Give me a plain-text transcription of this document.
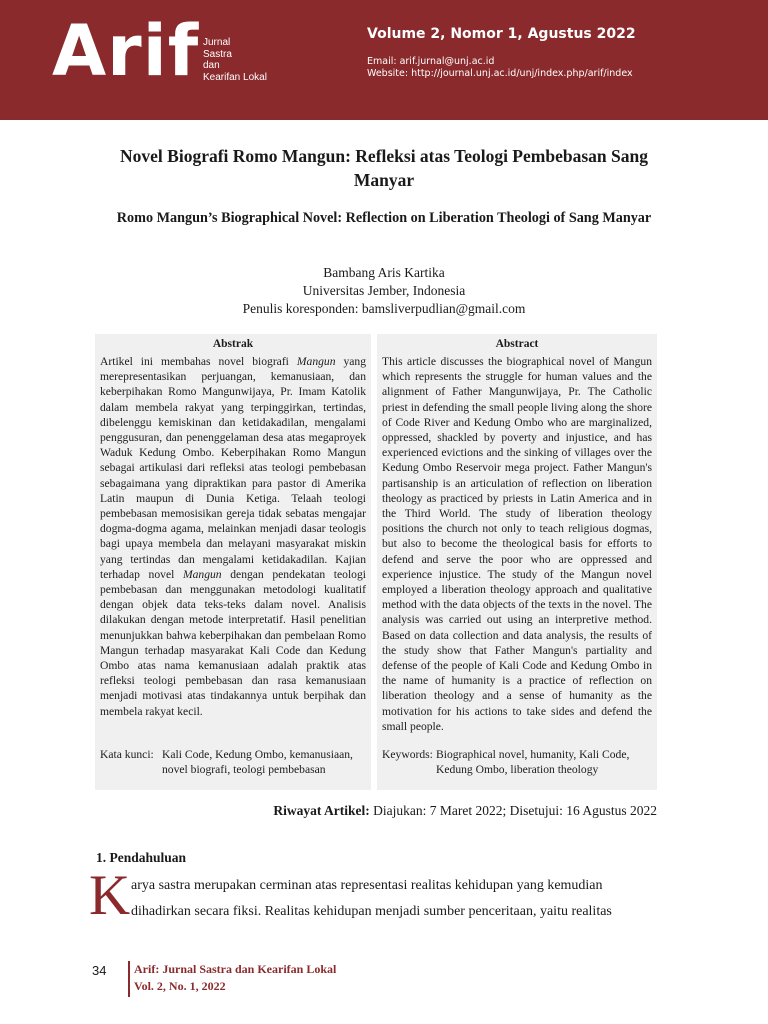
Arif Jurnal
Sastra
dan
Kearifan Lokal
Volume 2, Nomor 1, Agustus 2022
Email: arif.jurnal@unj.ac.id
Website: http://journal.unj.ac.id/unj/index.php/arif/index
Novel Biografi Romo Mangun: Refleksi atas Teologi Pembebasan Sang Manyar
Romo Mangun’s Biographical Novel: Reflection on Liberation Theologi of Sang Manyar
Bambang Aris Kartika
Universitas Jember, Indonesia
Penulis koresponden: bamsliverpudlian@gmail.com
Abstrak
Artikel ini membahas novel biografi Mangun yang merepresentasikan perjuangan, kemanusiaan, dan keberpihakan Romo Mangunwijaya, Pr. Imam Katolik dalam membela rakyat yang terpinggirkan, tertindas, dibelenggu kemiskinan dan ketidakadilan, mengalami penggusuran, dan penenggelaman desa atas megaproyek Waduk Kedung Ombo. Keberpihakan Romo Mangun sebagai artikulasi dari refleksi atas teologi pembebasan sebagaimana yang dipraktikan para pastor di Amerika Latin maupun di Dunia Ketiga. Telaah teologi pembebasan memosisikan gereja tidak sebatas mengajar dogma-dogma agama, melainkan menjadi dasar teologis bagi upaya membela dan melayani masyarakat miskin yang tertindas dan mengalami ketidakadilan. Kajian terhadap novel Mangun dengan pendekatan teologi pembebasan dan menggunakan metodologi kualitatif dengan objek data teks-teks dalam novel. Analisis dilakukan dengan metode interpretatif. Hasil penelitian menunjukkan bahwa keberpihakan dan pembelaan Romo Mangun terhadap masyarakat Kali Code dan Kedung Ombo atas nama kemanusiaan adalah praktik atas refleksi teologi pembebasan dan rasa kemanusiaan menjadi motivasi atas tindakannya untuk berpihak dan membela rakyat kecil.
Kata kunci: Kali Code, Kedung Ombo, kemanusiaan, novel biografi, teologi pembebasan
Abstract
This article discusses the biographical novel of Mangun which represents the struggle for human values and the alignment of Father Mangunwijaya, Pr. The Catholic priest in defending the small people living along the shore of Code River and Kedung Ombo who are marginalized, oppressed, shackled by poverty and injustice, and has experienced evictions and the sinking of villages over the Kedung Ombo Reservoir mega project. Father Mangun's partisanship is an articulation of reflection on liberation theology as practiced by priests in Latin America and in the Third World. The study of liberation theology positions the church not only to teach religious dogmas, but also to become the theological basis for efforts to defend and serve the poor who are oppressed and experience injustice. The study of the Mangun novel employed a liberation theology approach and qualitative method with the data objects of the texts in the novel. The analysis was carried out using an interpretive method. Based on data collection and data analysis, the results of the study show that Father Mangun's partiality and defense of the people of Kali Code and Kedung Ombo in the name of humanity is a practice of reflection on liberation theology and a sense of humanity as the motivation for his actions to take sides and defend the small people.
Keywords: Biographical novel, humanity, Kali Code, Kedung Ombo, liberation theology
Riwayat Artikel: Diajukan: 7 Maret 2022; Disetujui: 16 Agustus 2022
1. Pendahuluan
K arya sastra merupakan cerminan atas representasi realitas kehidupan yang kemudian
dihadirkan secara fiksi. Realitas kehidupan menjadi sumber penceritaan, yaitu realitas
34 Arif: Jurnal Sastra dan Kearifan Lokal
Vol. 2, No. 1, 2022
